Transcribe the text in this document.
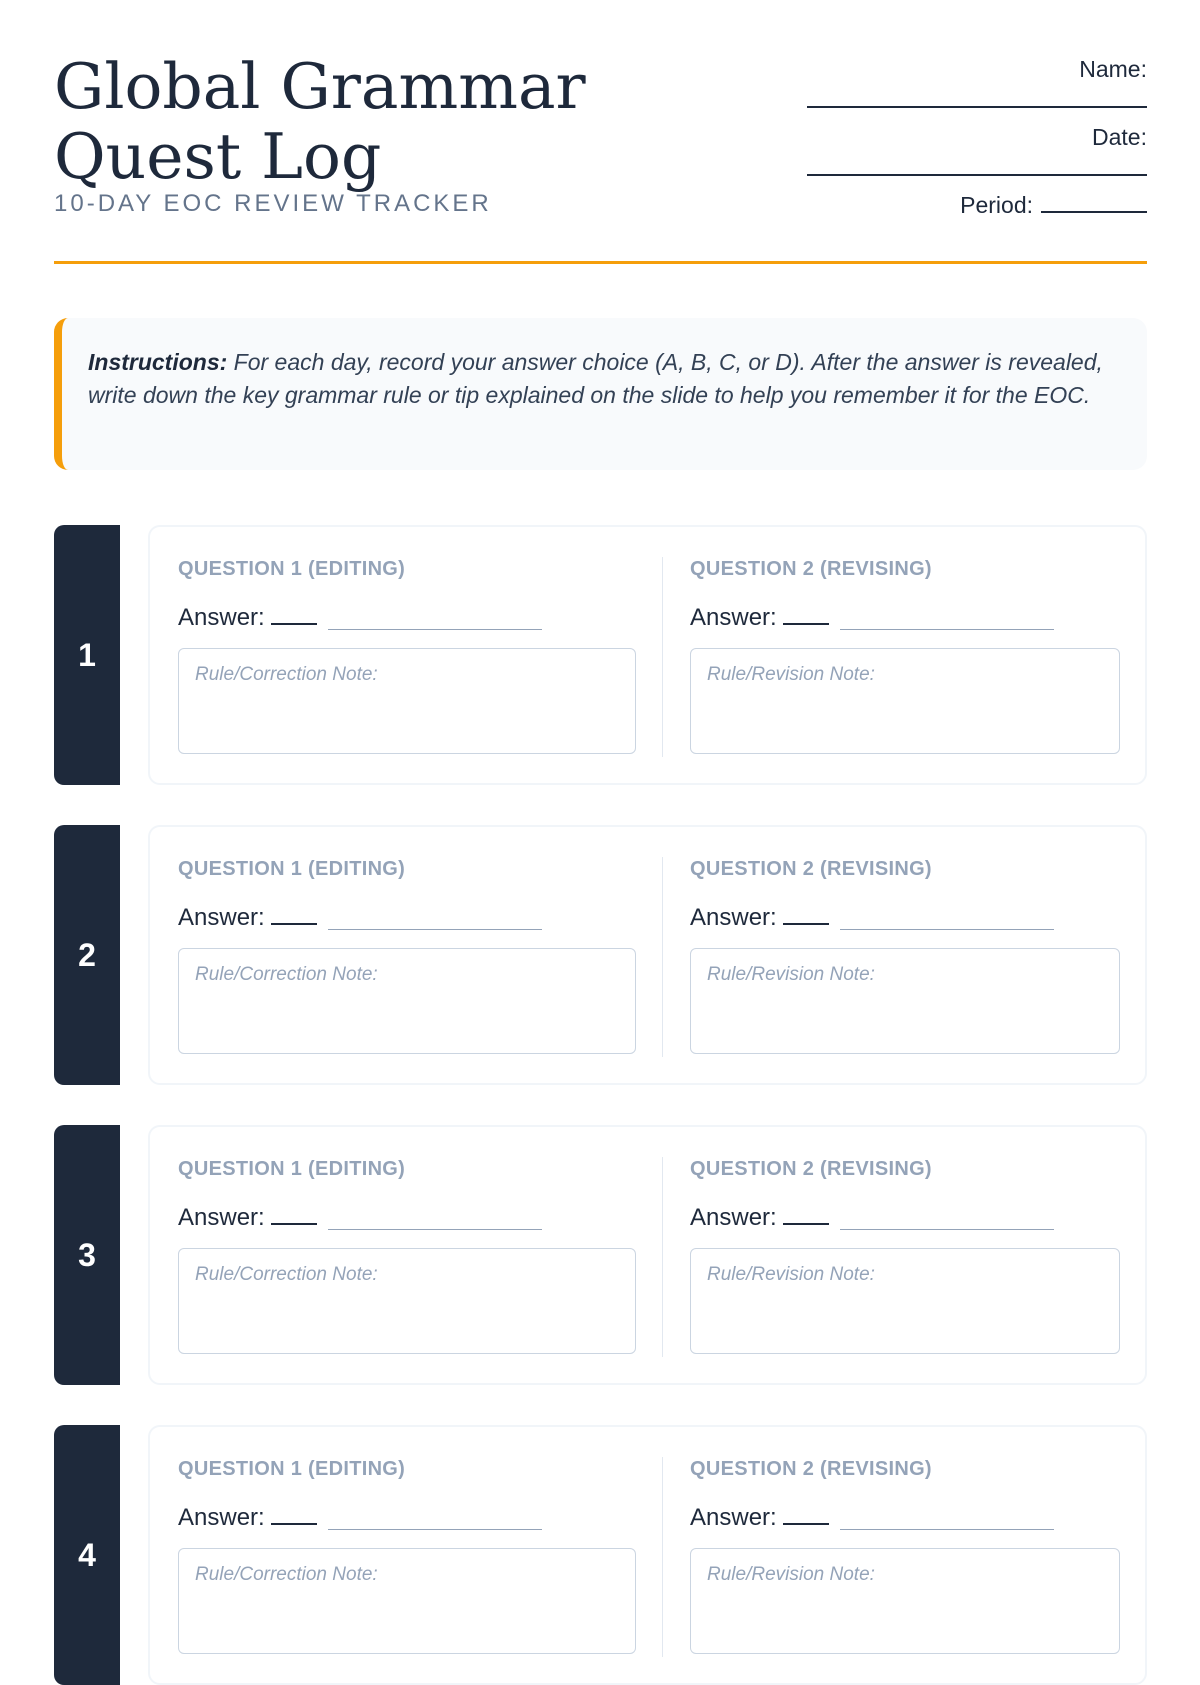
Global Grammar Quest Log
10-DAY EOC REVIEW TRACKER
Name:
Date:
Period:
Instructions: For each day, record your answer choice (A, B, C, or D). After the answer is revealed, write down the key grammar rule or tip explained on the slide to help you remember it for the EOC.
1
QUESTION 1 (EDITING)
Answer:
Rule/Correction Note:
QUESTION 2 (REVISING)
Answer:
Rule/Revision Note:
2
QUESTION 1 (EDITING)
Answer:
Rule/Correction Note:
QUESTION 2 (REVISING)
Answer:
Rule/Revision Note:
3
QUESTION 1 (EDITING)
Answer:
Rule/Correction Note:
QUESTION 2 (REVISING)
Answer:
Rule/Revision Note:
4
QUESTION 1 (EDITING)
Answer:
Rule/Correction Note:
QUESTION 2 (REVISING)
Answer:
Rule/Revision Note:
